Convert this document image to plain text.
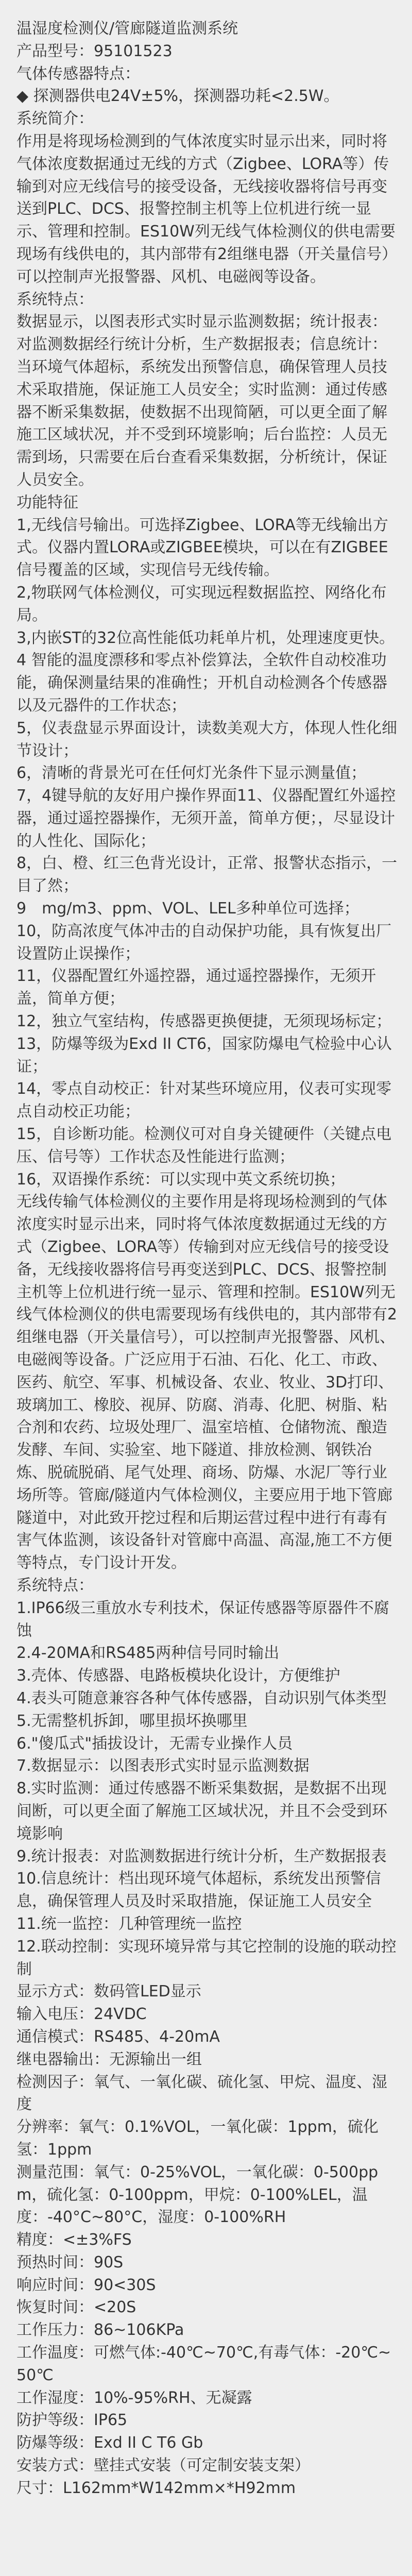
温湿度检测仪/管廊隧道监测系统

产品型号：95101523

气体传感器特点：

◆ 探测器供电24V±5%，探测器功耗<2.5W。

系统简介：

作用是将现场检测到的气体浓度实时显示出来，同时将气体浓度数据通过无线的方式（Zigbee、LORA等）传输到对应无线信号的接受设备，无线接收器将信号再变送到PLC、DCS、报警控制主机等上位机进行统一显示、管理和控制。ES10W列无线气体检测仪的供电需要现场有线供电的，其内部带有2组继电器（开关量信号）可以控制声光报警器、风机、电磁阀等设备。

系统特点：

数据显示，以图表形式实时显示监测数据；统计报表：对监测数据经行统计分析，生产数据报表；信息统计：当环境气体超标，系统发出预警信息，确保管理人员技术采取措施，保证施工人员安全；实时监测：通过传感器不断采集数据，使数据不出现简陋，可以更全面了解施工区域状况，并不受到环境影响；后台监控：人员无需到场，只需要在后台查看采集数据，分析统计，保证人员安全。

功能特征

1,无线信号输出。可选择Zigbee、LORA等无线输出方式。仪器内置LORA或ZIGBEE模块，可以在有ZIGBEE信号覆盖的区域，实现信号无线传输。

2,物联网气体检测仪，可实现远程数据监控、网络化布局。

3,内嵌ST的32位高性能低功耗单片机，处理速度更快。

4 智能的温度漂移和零点补偿算法，全软件自动校准功能，确保测量结果的准确性；开机自动检测各个传感器以及元器件的工作状态；

5，仪表盘显示界面设计，读数美观大方，体现人性化细节设计；

6，清晰的背景光可在任何灯光条件下显示测量值；

7，4键导航的友好用户操作界面11、仪器配置红外遥控器，通过遥控器操作，无须开盖，简单方便；，尽显设计的人性化、国际化；

8，白、橙、红三色背光设计，正常、报警状态指示，一目了然；

9　mg/m3、ppm、VOL、LEL多种单位可选择；

10，防高浓度气体冲击的自动保护功能，具有恢复出厂设置防止误操作；

11，仪器配置红外遥控器，通过遥控器操作，无须开盖，简单方便；

12，独立气室结构，传感器更换便捷，无须现场标定；

13，防爆等级为Exd II CT6，国家防爆电气检验中心认证；

14，零点自动校正：针对某些环境应用，仪表可实现零点自动校正功能；

15，自诊断功能。检测仪可对自身关键硬件（关键点电压、信号等）工作状态及性能进行监测；

16，双语操作系统：可以实现中英文系统切换；

无线传输气体检测仪的主要作用是将现场检测到的气体浓度实时显示出来，同时将气体浓度数据通过无线的方式（Zigbee、LORA等）传输到对应无线信号的接受设备，无线接收器将信号再变送到PLC、DCS、报警控制主机等上位机进行统一显示、管理和控制。ES10W列无线气体检测仪的供电需要现场有线供电的，其内部带有2组继电器（开关量信号），可以控制声光报警器、风机、电磁阀等设备。广泛应用于石油、石化、化工、市政、医药、航空、军事、机械设备、农业、牧业、3D打印、玻璃加工、橡胶、视屏、防腐、消毒、化肥、树脂、粘合剂和农药、垃圾处理厂、温室培植、仓储物流、酿造发酵、车间、实验室、地下隧道、排放检测、钢铁冶炼、脱硫脱硝、尾气处理、商场、防爆、水泥厂等行业场所等。管廊/隧道内气体检测仪，主要应用于地下管廊隧道中，对此致开挖过程和后期运营过程中进行有毒有害气体监测，该设备针对管廊中高温、高湿,施工不方便等特点，专门设计开发。

系统特点：

1.IP66级三重放水专利技术，保证传感器等原器件不腐蚀

2.4-20MA和RS485两种信号同时输出

3.壳体、传感器、电路板模块化设计，方便维护

4.表头可随意兼容各种气体传感器，自动识别气体类型

5.无需整机拆卸，哪里损坏换哪里

6."傻瓜式"插拔设计，无需专业操作人员

7.数据显示：以图表形式实时显示监测数据

8.实时监测：通过传感器不断采集数据，是数据不出现间断，可以更全面了解施工区域状况，并且不会受到环境影响

9.统计报表：对监测数据进行统计分析，生产数据报表

10.信息统计：档出现环境气体超标，系统发出预警信息，确保管理人员及时采取措施，保证施工人员安全

11.统一监控：几种管理统一监控

12.联动控制：实现环境异常与其它控制的设施的联动控制

显示方式：数码管LED显示

输入电压：24VDC

通信模式：RS485、4-20mA

继电器输出：无源输出一组

检测因子：氧气、一氧化碳、硫化氢、甲烷、温度、湿度

分辨率：氧气：0.1%VOL，一氧化碳：1ppm，硫化氢：1ppm

测量范围：氧气：0-25%VOL，一氧化碳：0-500ppm，硫化氢：0-100ppm，甲烷：0-100%LEL，温度：-40°C~80°C，湿度：0-100%RH

精度：<±3%FS

预热时间：90S

响应时间：90<30S

恢复时间：<20S

工作压力：86~106KPa

工作温度：可燃气体:-40℃~70℃,有毒气体：-20℃~50℃

工作湿度：10%-95%RH、无凝露

防护等级：IP65

防爆等级：Exd II C T6 Gb

安装方式：壁挂式安装（可定制安装支架）

尺寸：L162mm*W142mm×*H92mm
